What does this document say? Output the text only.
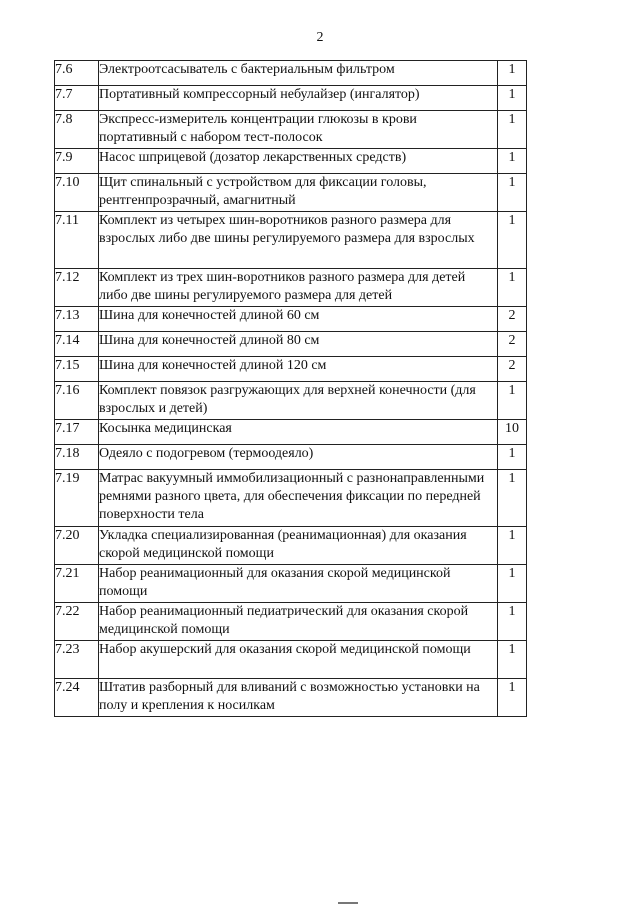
2
7.6	Электроотсасыватель с бактериальным фильтром	1
7.7	Портативный компрессорный небулайзер (ингалятор)	1
7.8	Экспресс-измеритель концентрации глюкозы в крови портативный с набором тест-полосок	1
7.9	Насос шприцевой (дозатор лекарственных средств)	1
7.10	Щит спинальный с устройством для фиксации головы, рентгенпрозрачный, амагнитный	1
7.11	Комплект из четырех шин-воротников разного размера для взрослых либо две шины регулируемого размера для взрослых	1
7.12	Комплект из трех шин-воротников разного размера для детей либо две шины регулируемого размера для детей	1
7.13	Шина для конечностей длиной 60 см	2
7.14	Шина для конечностей длиной 80 см	2
7.15	Шина для конечностей длиной 120 см	2
7.16	Комплект повязок разгружающих для верхней конечности (для взрослых и детей)	1
7.17	Косынка медицинская	10
7.18	Одеяло с подогревом (термоодеяло)	1
7.19	Матрас вакуумный иммобилизационный с разнонаправленными ремнями разного цвета, для обеспечения фиксации по передней поверхности тела	1
7.20	Укладка специализированная (реанимационная) для оказания скорой медицинской помощи	1
7.21	Набор реанимационный для оказания скорой медицинской помощи	1
7.22	Набор реанимационный педиатрический для оказания скорой медицинской помощи	1
7.23	Набор акушерский для оказания скорой медицинской помощи	1
7.24	Штатив разборный для вливаний с возможностью установки на полу и крепления к носилкам	1
